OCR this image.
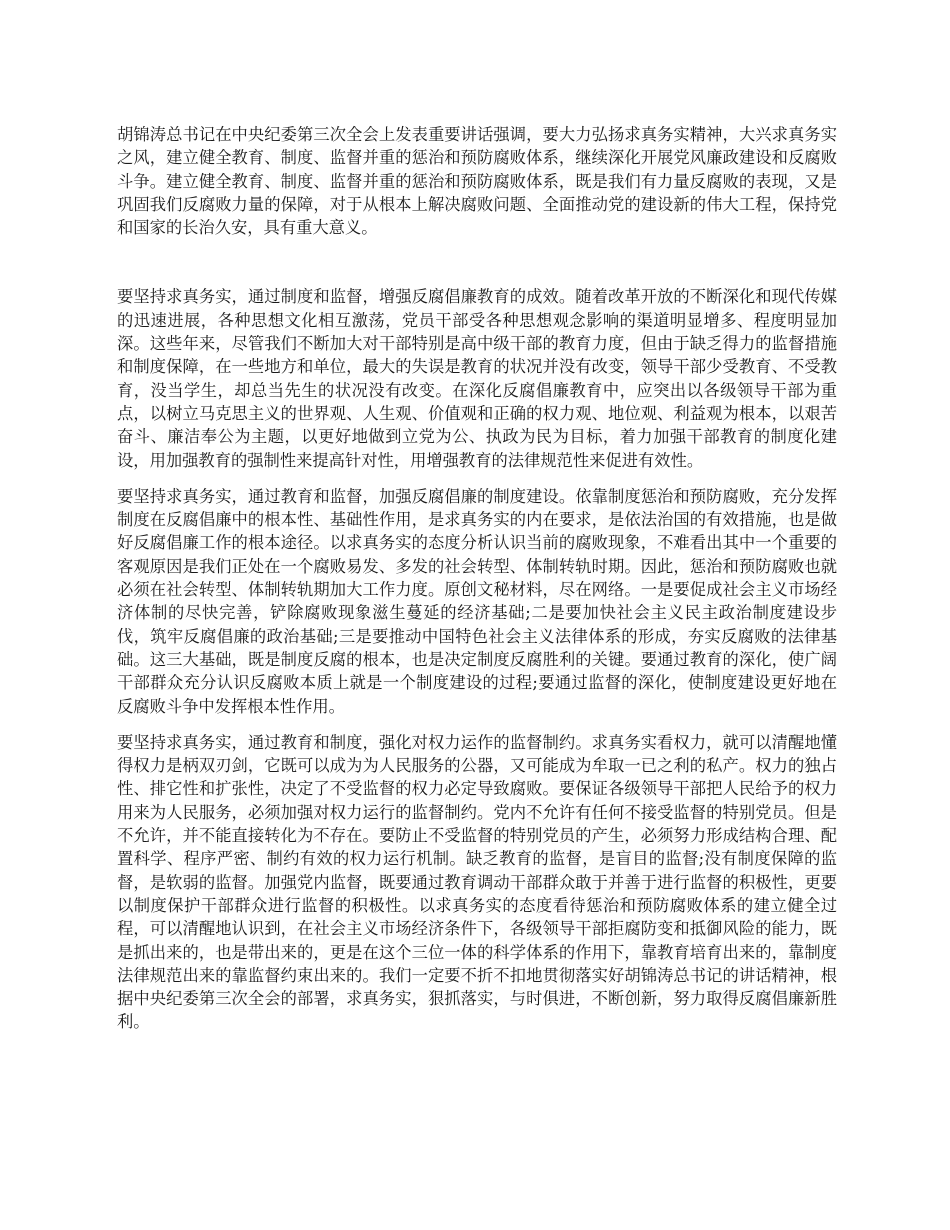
胡锦涛总书记在中央纪委第三次全会上发表重要讲话强调，要大力弘扬求真务实精神，大兴求真务实之风，建立健全教育、制度、监督并重的惩治和预防腐败体系，继续深化开展党风廉政建设和反腐败斗争。建立健全教育、制度、监督并重的惩治和预防腐败体系，既是我们有力量反腐败的表现，又是巩固我们反腐败力量的保障，对于从根本上解决腐败问题、全面推动党的建设新的伟大工程，保持党和国家的长治久安，具有重大意义。

要坚持求真务实，通过制度和监督，增强反腐倡廉教育的成效。随着改革开放的不断深化和现代传媒的迅速进展，各种思想文化相互激荡，党员干部受各种思想观念影响的渠道明显增多、程度明显加深。这些年来，尽管我们不断加大对干部特别是高中级干部的教育力度，但由于缺乏得力的监督措施和制度保障，在一些地方和单位，最大的失误是教育的状况并没有改变，领导干部少受教育、不受教育，没当学生，却总当先生的状况没有改变。在深化反腐倡廉教育中，应突出以各级领导干部为重点，以树立马克思主义的世界观、人生观、价值观和正确的权力观、地位观、利益观为根本，以艰苦奋斗、廉洁奉公为主题，以更好地做到立党为公、执政为民为目标，着力加强干部教育的制度化建设，用加强教育的强制性来提高针对性，用增强教育的法律规范性来促进有效性。

要坚持求真务实，通过教育和监督，加强反腐倡廉的制度建设。依靠制度惩治和预防腐败，充分发挥制度在反腐倡廉中的根本性、基础性作用，是求真务实的内在要求，是依法治国的有效措施，也是做好反腐倡廉工作的根本途径。以求真务实的态度分析认识当前的腐败现象，不难看出其中一个重要的客观原因是我们正处在一个腐败易发、多发的社会转型、体制转轨时期。因此，惩治和预防腐败也就必须在社会转型、体制转轨期加大工作力度。原创文秘材料，尽在网络。一是要促成社会主义市场经济体制的尽快完善，铲除腐败现象滋生蔓延的经济基础;二是要加快社会主义民主政治制度建设步伐，筑牢反腐倡廉的政治基础;三是要推动中国特色社会主义法律体系的形成，夯实反腐败的法律基础。这三大基础，既是制度反腐的根本，也是决定制度反腐胜利的关键。要通过教育的深化，使广阔干部群众充分认识反腐败本质上就是一个制度建设的过程;要通过监督的深化，使制度建设更好地在反腐败斗争中发挥根本性作用。

要坚持求真务实，通过教育和制度，强化对权力运作的监督制约。求真务实看权力，就可以清醒地懂得权力是柄双刃剑，它既可以成为为人民服务的公器，又可能成为牟取一已之利的私产。权力的独占性、排它性和扩张性，决定了不受监督的权力必定导致腐败。要保证各级领导干部把人民给予的权力用来为人民服务，必须加强对权力运行的监督制约。党内不允许有任何不接受监督的特别党员。但是不允许，并不能直接转化为不存在。要防止不受监督的特别党员的产生，必须努力形成结构合理、配置科学、程序严密、制约有效的权力运行机制。缺乏教育的监督，是盲目的监督;没有制度保障的监督，是软弱的监督。加强党内监督，既要通过教育调动干部群众敢于并善于进行监督的积极性，更要以制度保护干部群众进行监督的积极性。以求真务实的态度看待惩治和预防腐败体系的建立健全过程，可以清醒地认识到，在社会主义市场经济条件下，各级领导干部拒腐防变和抵御风险的能力，既是抓出来的，也是带出来的，更是在这个三位一体的科学体系的作用下，靠教育培育出来的，靠制度法律规范出来的靠监督约束出来的。我们一定要不折不扣地贯彻落实好胡锦涛总书记的讲话精神，根据中央纪委第三次全会的部署，求真务实，狠抓落实，与时俱进，不断创新，努力取得反腐倡廉新胜利。
